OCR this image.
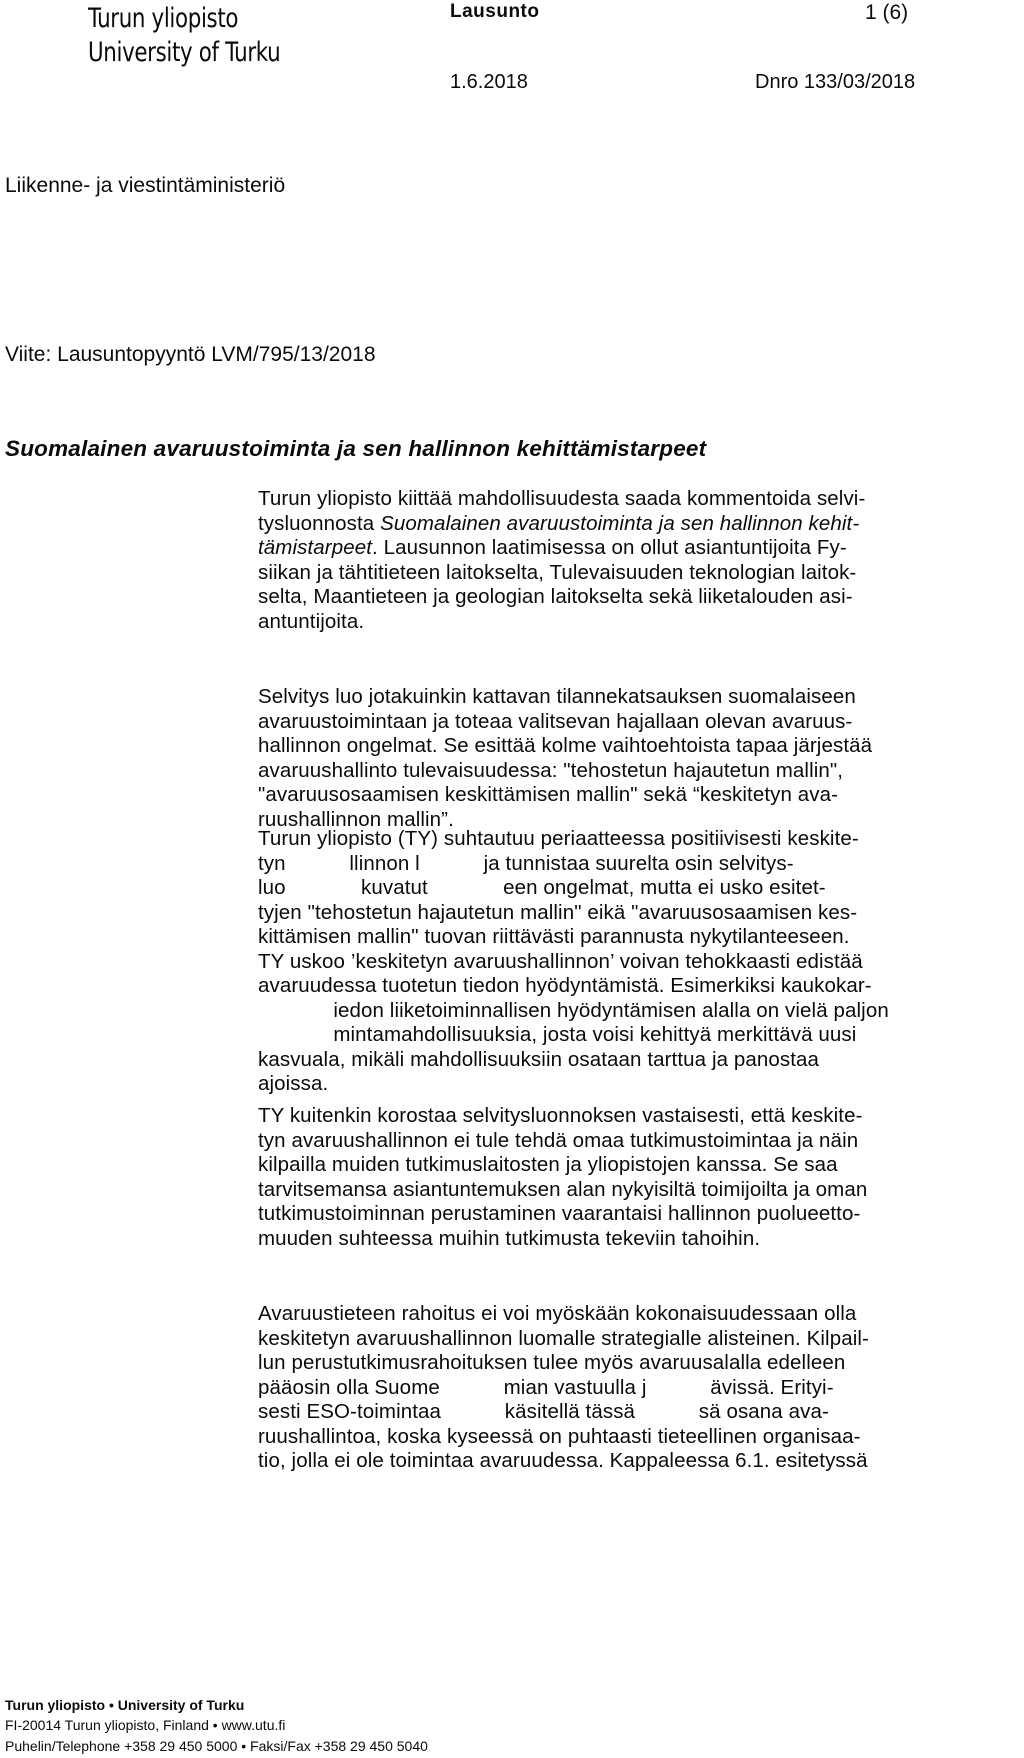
Turun yliopisto
University of Turku
Lausunto	1 (6)
1.6.2018	Dnro 133/03/2018
Liikenne- ja viestintäministeriö
Viite: Lausuntopyyntö LVM/795/13/2018
Suomalainen avaruustoiminta ja sen hallinnon kehittämistarpeet
Turun yliopisto kiittää mahdollisuudesta saada kommentoida selvi-
tysluonnosta Suomalainen avaruustoiminta ja sen hallinnon kehit-
tämistarpeet. Lausunnon laatimisessa on ollut asiantuntijoita Fy-
siikan ja tähtitieteen laitokselta, Tulevaisuuden teknologian laitok-
selta, Maantieteen ja geologian laitokselta sekä liiketalouden asi-
antuntijoita.
Selvitys luo jotakuinkin kattavan tilannekatsauksen suomalaiseen
avaruustoimintaan ja toteaa valitsevan hajallaan olevan avaruus-
hallinnon ongelmat. Se esittää kolme vaihtoehtoista tapaa järjestää
avaruushallinto tulevaisuudessa: "tehostetun hajautetun mallin",
"avaruusosaamisen keskittämisen mallin" sekä “keskitetyn ava-
ruushallinnon mallin”.
Turun yliopisto (TY) suhtautuu periaatteessa positiivisesti keskite-
tyn           llinnon l           ja tunnistaa suurelta osin selvitys-
luo             kuvatut             een ongelmat, mutta ei usko esitet-
tyjen "tehostetun hajautetun mallin" eikä "avaruusosaamisen kes-
kittämisen mallin" tuovan riittävästi parannusta nykytilanteeseen.
TY uskoo ’keskitetyn avaruushallinnon’ voivan tehokkaasti edistää
avaruudessa tuotetun tiedon hyödyntämistä. Esimerkiksi kaukokar-
iedon liiketoiminnallisen hyödyntämisen alalla on vielä paljon
mintamahdollisuuksia, josta voisi kehittyä merkittävä uusi
kasvuala, mikäli mahdollisuuksiin osataan tarttua ja panostaa
ajoissa.
TY kuitenkin korostaa selvitysluonnoksen vastaisesti, että keskite-
tyn avaruushallinnon ei tule tehdä omaa tutkimustoimintaa ja näin
kilpailla muiden tutkimuslaitosten ja yliopistojen kanssa. Se saa
tarvitsemansa asiantuntemuksen alan nykyisiltä toimijoilta ja oman
tutkimustoiminnan perustaminen vaarantaisi hallinnon puolueetto-
muuden suhteessa muihin tutkimusta tekeviin tahoihin.
Avaruustieteen rahoitus ei voi myöskään kokonaisuudessaan olla
keskitetyn avaruushallinnon luomalle strategialle alisteinen. Kilpail-
lun perustutkimusrahoituksen tulee myös avaruusalalla edelleen
pääosin olla Suome           mian vastuulla j           ävissä. Erityi-
sesti ESO-toimintaa           käsitellä tässä           sä osana ava-
ruushallintoa, koska kyseessä on puhtaasti tieteellinen organisaa-
tio, jolla ei ole toimintaa avaruudessa. Kappaleessa 6.1. esitetyssä
Turun yliopisto • University of Turku
FI-20014 Turun yliopisto, Finland • www.utu.fi
Puhelin/Telephone +358 29 450 5000 • Faksi/Fax +358 29 450 5040
